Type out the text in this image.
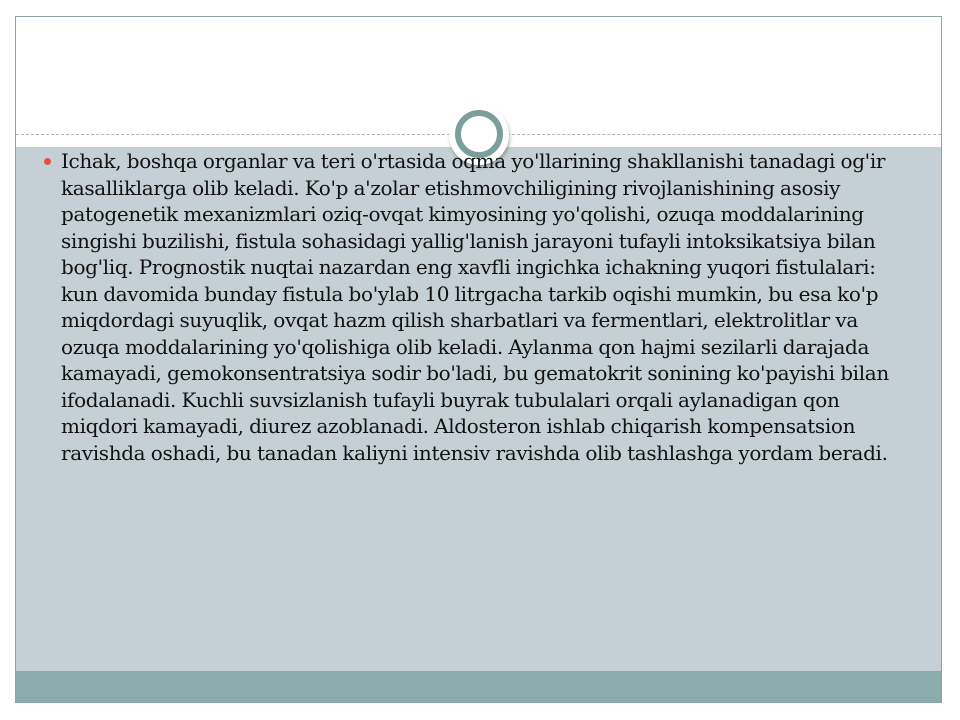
Ichak, boshqa organlar va teri o'rtasida oqma yo'llarining shakllanishi tanadagi og'ir kasalliklarga olib keladi. Ko'p a'zolar etishmovchiligining rivojlanishining asosiy patogenetik mexanizmlari oziq-ovqat kimyosining yo'qolishi, ozuqa moddalarining singishi buzilishi, fistula sohasidagi yallig'lanish jarayoni tufayli intoksikatsiya bilan bog'liq. Prognostik nuqtai nazardan eng xavfli ingichka ichakning yuqori fistulalari: kun davomida bunday fistula bo'ylab 10 litrgacha tarkib oqishi mumkin, bu esa ko'p miqdordagi suyuqlik, ovqat hazm qilish sharbatlari va fermentlari, elektrolitlar va ozuqa moddalarining yo'qolishiga olib keladi. Aylanma qon hajmi sezilarli darajada kamayadi, gemokonsentratsiya sodir bo'ladi, bu gematokrit sonining ko'payishi bilan ifodalanadi. Kuchli suvsizlanish tufayli buyrak tubulalari orqali aylanadigan qon miqdori kamayadi, diurez azoblanadi. Aldosteron ishlab chiqarish kompensatsion ravishda oshadi, bu tanadan kaliyni intensiv ravishda olib tashlashga yordam beradi.
